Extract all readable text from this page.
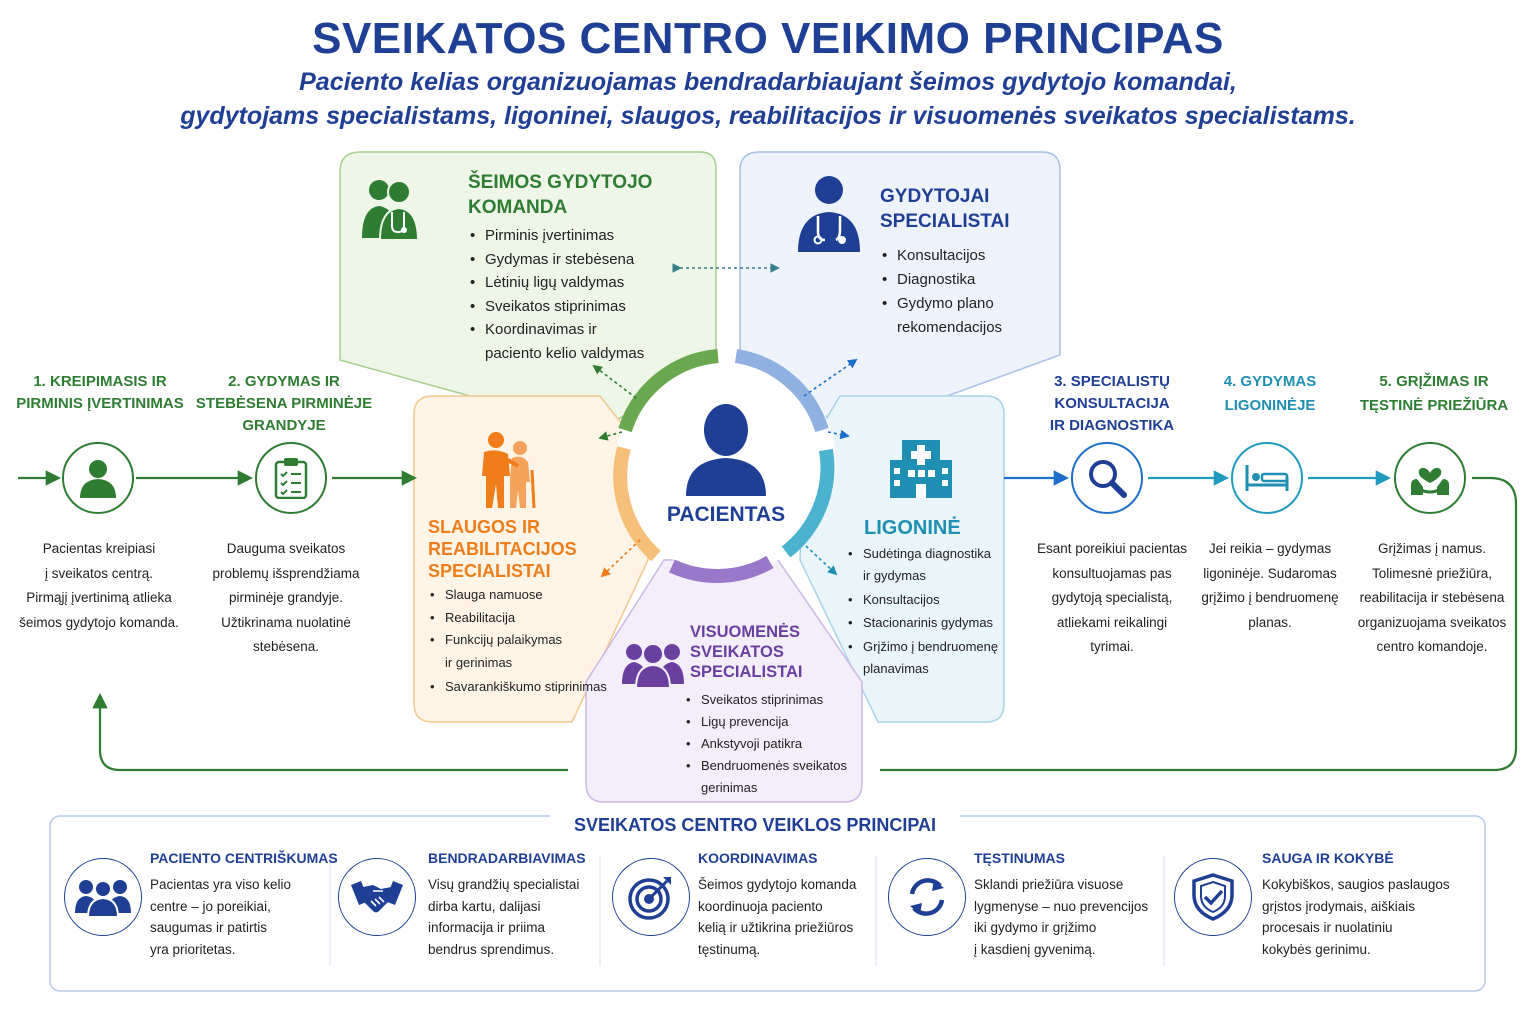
SVEIKATOS CENTRO VEIKIMO PRINCIPAS
Paciento kelias organizuojamas bendradarbiaujant šeimos gydytojo komandai,
gydytojams specialistams, ligoninei, slaugos, reabilitacijos ir visuomenės sveikatos specialistams.
ŠEIMOS GYDYTOJO
KOMANDA
• Pirminis įvertinimas
• Gydymas ir stebėsena
• Lėtinių ligų valdymas
• Sveikatos stiprinimas
• Koordinavimas ir
paciento kelio valdymas
GYDYTOJAI
SPECIALISTAI
• Konsultacijos
• Diagnostika
• Gydymo plano
rekomendacijos
SLAUGOS IR
REABILITACIJOS
SPECIALISTAI
• Slauga namuose
• Reabilitacija
• Funkcijų palaikymas
ir gerinimas
• Savarankiškumo stiprinimas
LIGONINĖ
• Sudėtinga diagnostika
ir gydymas
• Konsultacijos
• Stacionarinis gydymas
• Grįžimo į bendruomenę
planavimas
VISUOMENĖS
SVEIKATOS
SPECIALISTAI
• Sveikatos stiprinimas
• Ligų prevencija
• Ankstyvoji patikra
• Bendruomenės sveikatos
gerinimas
PACIENTAS
1. KREIPIMASIS IR
PIRMINIS ĮVERTINIMAS
Pacientas kreipiasi
į sveikatos centrą.
Pirmąjį įvertinimą atlieka
šeimos gydytojo komanda.
2. GYDYMAS IR
STEBĖSENA PIRMINĖJE
GRANDYJE
Dauguma sveikatos
problemų išsprendžiama
pirminėje grandyje.
Užtikrinama nuolatinė
stebėsena.
3. SPECIALISTŲ
KONSULTACIJA
IR DIAGNOSTIKA
Esant poreikiui pacientas
konsultuojamas pas
gydytoją specialistą,
atliekami reikalingi
tyrimai.
4. GYDYMAS
LIGONINĖJE
Jei reikia – gydymas
ligoninėje. Sudaromas
grįžimo į bendruomenę
planas.
5. GRĮŽIMAS IR
TĘSTINĖ PRIEŽIŪRA
Grįžimas į namus.
Tolimesnė priežiūra,
reabilitacija ir stebėsena
organizuojama sveikatos
centro komandoje.
SVEIKATOS CENTRO VEIKLOS PRINCIPAI
PACIENTO CENTRIŠKUMAS
Pacientas yra viso kelio
centre – jo poreikiai,
saugumas ir patirtis
yra prioritetas.
BENDRADARBIAVIMAS
Visų grandžių specialistai
dirba kartu, dalijasi
informacija ir priima
bendrus sprendimus.
KOORDINAVIMAS
Šeimos gydytojo komanda
koordinuoja paciento
kelią ir užtikrina priežiūros
tęstinumą.
TĘSTINUMAS
Sklandi priežiūra visuose
lygmenyse – nuo prevencijos
iki gydymo ir grįžimo
į kasdienį gyvenimą.
SAUGA IR KOKYBĖ
Kokybiškos, saugios paslaugos
grįstos įrodymais, aiškiais
procesais ir nuolatiniu
kokybės gerinimu.
